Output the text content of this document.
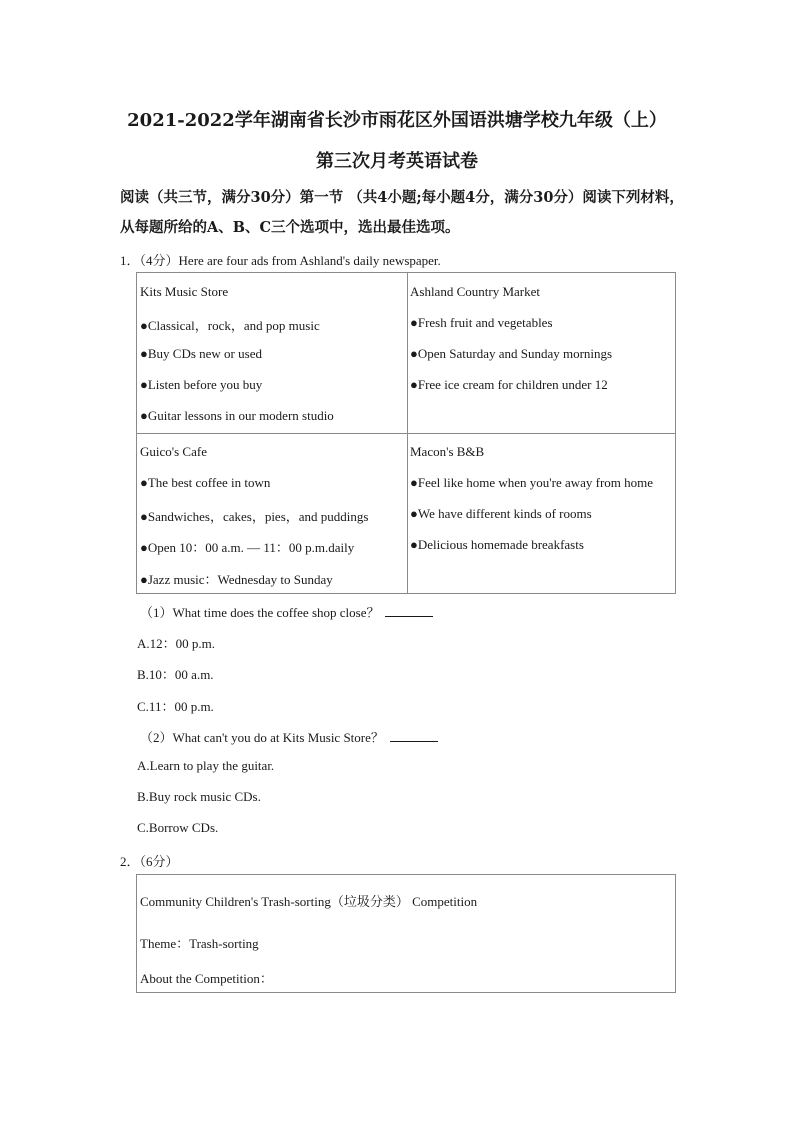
2021-2022学年湖南省长沙市雨花区外国语洪塘学校九年级（上）
第三次月考英语试卷
阅读（共三节，满分30分）第一节 （共4小题;每小题4分，满分30分）阅读下列材料，
从每题所给的A、B、C三个选项中，选出最佳选项。
1．（4分）Here are four ads from Ashland's daily newspaper.
Kits Music Store
●Classical，rock，and pop music
●Buy CDs new or used
●Listen before you buy
●Guitar lessons in our modern studio
Ashland Country Market
●Fresh fruit and vegetables
●Open Saturday and Sunday mornings
●Free ice cream for children under 12
Guico's Cafe
●The best coffee in town
●Sandwiches，cakes，pies，and puddings
●Open 10：00 a.m. — 11：00 p.m.daily
●Jazz music：Wednesday to Sunday
Macon's B&B
●Feel like home when you're away from home
●We have different kinds of rooms
●Delicious homemade breakfasts
（1）What time does the coffee shop close？
A.12：00 p.m.
B.10：00 a.m.
C.11：00 p.m.
（2）What can't you do at Kits Music Store？
A.Learn to play the guitar.
B.Buy rock music CDs.
C.Borrow CDs.
2．（6分）
Community Children's Trash-sorting（垃圾分类） Competition
Theme：Trash-sorting
About the Competition：
